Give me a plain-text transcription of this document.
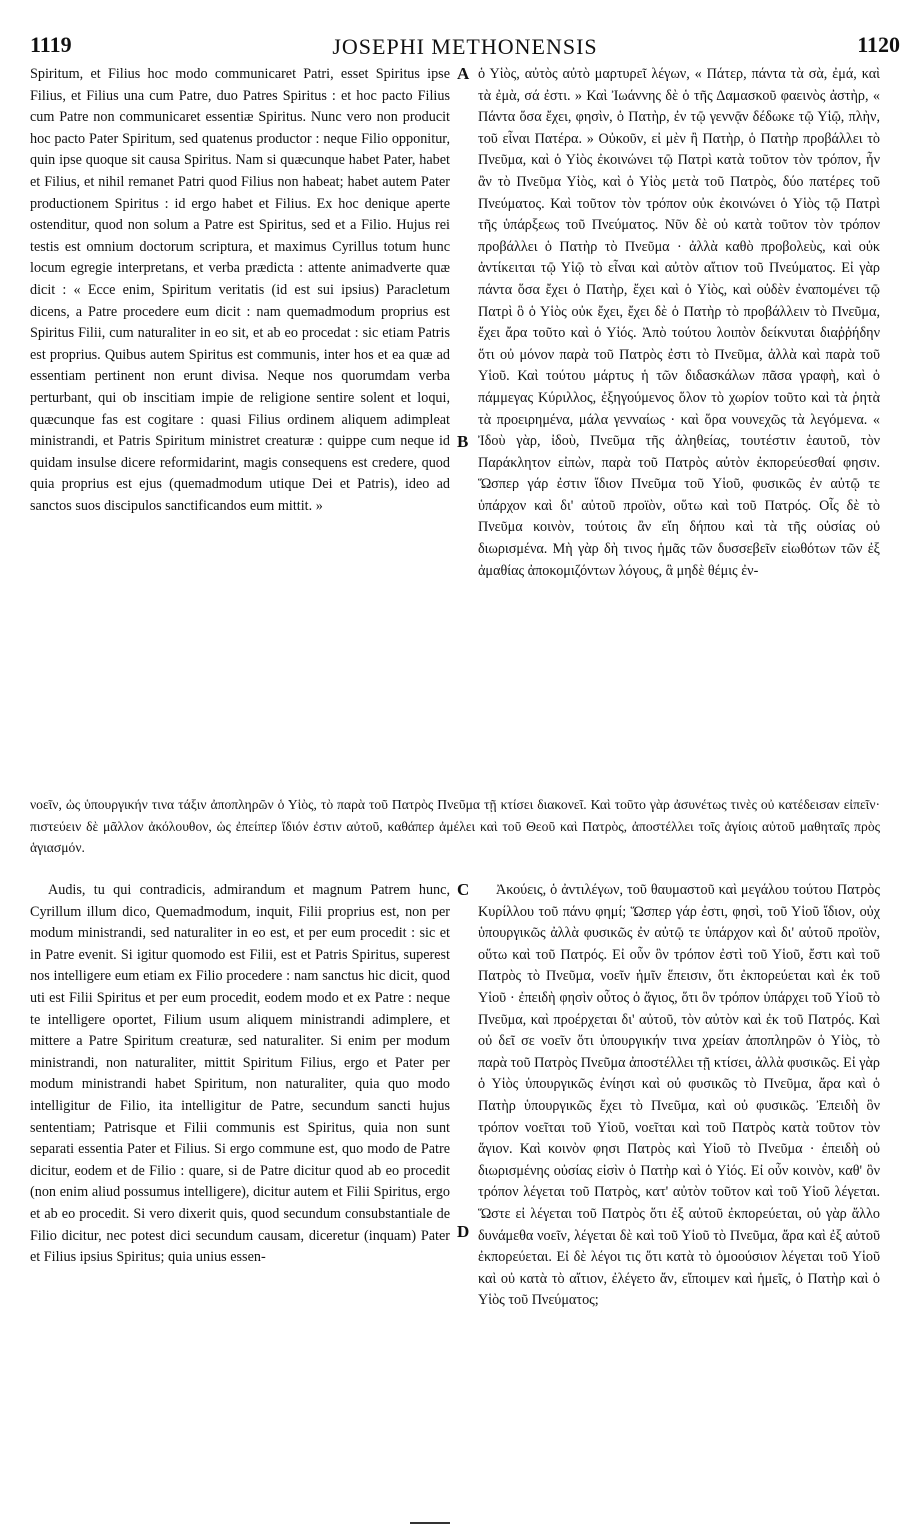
1119	JOSEPHI METHONENSIS	1120
A
B
C
D

Spiritum, et Filius hoc modo communicaret Patri, esset Spiritus ipse Filius, et Filius una cum Patre, duo Patres Spiritus : et hoc pacto Filius cum Patre non communicaret essentiæ Spiritus. Nunc vero non producit hoc pacto Pater Spiritum, sed quatenus productor : neque Filio opponitur, quin ipse quoque sit causa Spiritus. Nam si quæcunque habet Pater, habet et Filius, et nihil remanet Patri quod Filius non habeat; habet autem Pater productionem Spiritus : id ergo habet et Filius. Ex hoc denique aperte ostenditur, quod non solum a Patre est Spiritus, sed et a Filio. Hujus rei testis est omnium doctorum scriptura, et maximus Cyrillus totum hunc locum egregie interpretans, et verba prædicta : attente animadverte quæ dicit : « Ecce enim, Spiritum veritatis (id est sui ipsius) Paracletum dicens, a Patre procedere eum dicit : nam quemadmodum proprius est Spiritus Filii, cum naturaliter in eo sit, et ab eo procedat : sic etiam Patris est proprius. Quibus autem Spiritus est communis, inter hos et ea quæ ad essentiam pertinent non erunt divisa. Neque nos quorumdam verba perturbant, qui ob inscitiam impie de religione sentire solent et loqui, quæcunque fas est cogitare : quasi Filius ordinem aliquem adimpleat ministrandi, et Patris Spiritum ministret creaturæ : quippe cum neque id quidam insulse dicere reformidarint, magis consequens est credere, quod quia proprius est ejus (quemadmodum utique Dei et Patris), ideo ad sanctos suos discipulos sanctificandos eum mittit. »

ὁ Υἱὸς, αὐτὸς αὐτὸ μαρτυρεῖ λέγων, « Πάτερ, πάντα τὰ σὰ, ἐμά, καὶ τὰ ἐμὰ, σά ἐστι. » Καὶ Ἰωάννης δὲ ὁ τῆς Δαμασκοῦ φαεινὸς ἀστὴρ, « Πάντα ὅσα ἔχει, φησὶν, ὁ Πατὴρ, ἐν τῷ γεννᾷν δέδωκε τῷ Υἱῷ, πλὴν, τοῦ εἶναι Πατέρα. » Οὐκοῦν, εἰ μὲν ἢ Πατὴρ, ὁ Πατὴρ προβάλλει τὸ Πνεῦμα, καὶ ὁ Υἱὸς ἐκοινώνει τῷ Πατρὶ κατὰ τοῦτον τὸν τρόπον, ἦν ἂν τὸ Πνεῦμα Υἱὸς, καὶ ὁ Υἱὸς μετὰ τοῦ Πατρὸς, δύο πατέρες τοῦ Πνεύματος. Καὶ τοῦτον τὸν τρόπον οὐκ ἐκοινώνει ὁ Υἱὸς τῷ Πατρὶ τῆς ὑπάρξεως τοῦ Πνεύματος. Νῦν δὲ οὐ κατὰ τοῦτον τὸν τρόπον προβάλλει ὁ Πατὴρ τὸ Πνεῦμα · ἀλλὰ καθὸ προβολεὺς, καὶ οὐκ ἀντίκειται τῷ Υἱῷ τὸ εἶναι καὶ αὐτὸν αἴτιον τοῦ Πνεύματος. Εἰ γὰρ πάντα ὅσα ἔχει ὁ Πατὴρ, ἔχει καὶ ὁ Υἱὸς, καὶ οὐδὲν ἐναπομένει τῷ Πατρὶ ὃ ὁ Υἱὸς οὐκ ἔχει, ἔχει δὲ ὁ Πατὴρ τὸ προβάλλειν τὸ Πνεῦμα, ἔχει ἄρα τοῦτο καὶ ὁ Υἱός. Ἀπὸ τούτου λοιπὸν δείκνυται διαῤῥήδην ὅτι οὐ μόνον παρὰ τοῦ Πατρὸς ἐστι τὸ Πνεῦμα, ἀλλὰ καὶ παρὰ τοῦ Υἱοῦ. Καὶ τούτου μάρτυς ἡ τῶν διδασκάλων πᾶσα γραφὴ, καὶ ὁ πάμμεγας Κύριλλος, ἐξηγούμενος ὅλον τὸ χωρίον τοῦτο καὶ τὰ ῥητὰ τὰ προειρημένα, μάλα γενναίως · καὶ ὅρα νουνεχῶς τὰ λεγόμενα. « Ἰδοὺ γὰρ, ἰδοὺ, Πνεῦμα τῆς ἀληθείας, τουτέστιν ἑαυτοῦ, τὸν Παράκλητον εἰπὼν, παρὰ τοῦ Πατρὸς αὐτὸν ἐκπορεύεσθαί φησιν. Ὥσπερ γάρ ἐστιν ἴδιον Πνεῦμα τοῦ Υἱοῦ, φυσικῶς ἐν αὐτῷ τε ὑπάρχον καὶ δι' αὐτοῦ προϊὸν, οὕτω καὶ τοῦ Πατρός. Οἷς δὲ τὸ Πνεῦμα κοινὸν, τούτοις ἂν εἴη δήπου καὶ τὰ τῆς οὐσίας οὐ διωρισμένα. Μὴ γὰρ δὴ τινος ἡμᾶς τῶν δυσσεβεῖν εἰωθότων τῶν ἐξ ἀμαθίας ἀποκομιζόντων λόγους, ἃ μηδὲ θέμις ἐν-

νοεῖν, ὡς ὑπουργικήν τινα τάξιν ἀποπληρῶν ὁ Υἱὸς, τὸ παρὰ τοῦ Πατρὸς Πνεῦμα τῇ κτίσει διακονεῖ. Καὶ τοῦτο γὰρ ἀσυνέτως τινὲς οὐ κατέδεισαν εἰπεῖν· πιστεύειν δὲ μᾶλλον ἀκόλουθον, ὡς ἐπείπερ ἴδιόν ἐστιν αὐτοῦ, καθάπερ ἀμέλει καὶ τοῦ Θεοῦ καὶ Πατρὸς, ἀποστέλλει τοῖς ἁγίοις αὐτοῦ μαθηταῖς πρὸς ἁγιασμόν.

Audis, tu qui contradicis, admirandum et magnum Patrem hunc, Cyrillum illum dico, Quemadmodum, inquit, Filii proprius est, non per modum ministrandi, sed naturaliter in eo est, et per eum procedit : sic et in Patre evenit. Si igitur quomodo est Filii, est et Patris Spiritus, superest nos intelligere eum etiam ex Filio procedere : nam sanctus hic dicit, quod uti est Filii Spiritus et per eum procedit, eodem modo et ex Patre : neque te intelligere oportet, Filium usum aliquem ministrandi adimplere, et mittere a Patre Spiritum creaturæ, sed naturaliter. Si enim per modum ministrandi, non naturaliter, mittit Spiritum Filius, ergo et Pater per modum ministrandi habet Spiritum, non naturaliter, quia quo modo intelligitur de Filio, ita intelligitur de Patre, secundum sancti hujus sententiam; Patrisque et Filii communis est Spiritus, quia non sunt separati essentia Pater et Filius. Si ergo commune est, quo modo de Patre dicitur, eodem et de Filio : quare, si de Patre dicitur quod ab eo procedit (non enim aliud possumus intelligere), dicitur autem et Filii Spiritus, ergo et ab eo procedit. Si vero dixerit quis, quod secundum consubstantiale de Filio dicitur, nec potest dici secundum causam, diceretur (inquam) Pater et Filius ipsius Spiritus; quia unius essen-

Ἀκούεις, ὁ ἀντιλέγων, τοῦ θαυμαστοῦ καὶ μεγάλου τούτου Πατρὸς Κυρίλλου τοῦ πάνυ φημί; Ὥσπερ γάρ ἐστι, φησὶ, τοῦ Υἱοῦ ἴδιον, οὐχ ὑπουργικῶς ἀλλὰ φυσικῶς ἐν αὐτῷ τε ὑπάρχον καὶ δι' αὐτοῦ προϊὸν, οὕτω καὶ τοῦ Πατρός. Εἰ οὖν ὃν τρόπον ἐστὶ τοῦ Υἱοῦ, ἔστι καὶ τοῦ Πατρὸς τὸ Πνεῦμα, νοεῖν ἡμῖν ἕπεισιν, ὅτι ἐκπορεύεται καὶ ἐκ τοῦ Υἱοῦ · ἐπειδὴ φησὶν οὗτος ὁ ἅγιος, ὅτι ὃν τρόπον ὑπάρχει τοῦ Υἱοῦ τὸ Πνεῦμα, καὶ προέρχεται δι' αὐτοῦ, τὸν αὐτὸν καὶ ἐκ τοῦ Πατρός. Καὶ οὐ δεῖ σε νοεῖν ὅτι ὑπουργικήν τινα χρείαν ἀποπληρῶν ὁ Υἱὸς, τὸ παρὰ τοῦ Πατρὸς Πνεῦμα ἀποστέλλει τῇ κτίσει, ἀλλὰ φυσικῶς. Εἰ γὰρ ὁ Υἱὸς ὑπουργικῶς ἐνίησι καὶ οὐ φυσικῶς τὸ Πνεῦμα, ἄρα καὶ ὁ Πατὴρ ὑπουργικῶς ἔχει τὸ Πνεῦμα, καὶ οὐ φυσικῶς. Ἐπειδὴ ὃν τρόπον νοεῖται τοῦ Υἱοῦ, νοεῖται καὶ τοῦ Πατρὸς κατὰ τοῦτον τὸν ἅγιον. Καὶ κοινὸν φησι Πατρὸς καὶ Υἱοῦ τὸ Πνεῦμα · ἐπειδὴ οὐ διωρισμένης οὐσίας εἰσὶν ὁ Πατὴρ καὶ ὁ Υἱός. Εἰ οὖν κοινὸν, καθ' ὃν τρόπον λέγεται τοῦ Πατρὸς, κατ' αὐτὸν τοῦτον καὶ τοῦ Υἱοῦ λέγεται. Ὥστε εἰ λέγεται τοῦ Πατρὸς ὅτι ἐξ αὐτοῦ ἐκπορεύεται, οὐ γὰρ ἄλλο δυνάμεθα νοεῖν, λέγεται δὲ καὶ τοῦ Υἱοῦ τὸ Πνεῦμα, ἄρα καὶ ἐξ αὐτοῦ ἐκπορεύεται. Εἰ δὲ λέγοι τις ὅτι κατὰ τὸ ὁμοούσιον λέγεται τοῦ Υἱοῦ καὶ οὐ κατὰ τὸ αἴτιον, ἐλέγετο ἄν, εἴποιμεν καὶ ἡμεῖς, ὁ Πατὴρ καὶ ὁ Υἱὸς τοῦ Πνεύματος;
